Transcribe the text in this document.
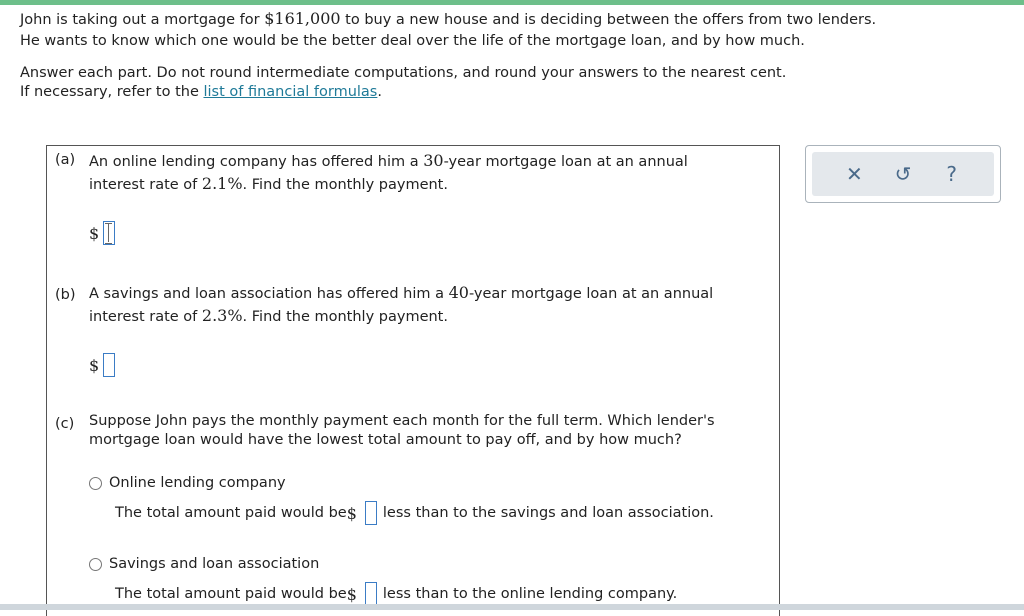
John is taking out a mortgage for $161,000 to buy a new house and is deciding between the offers from two lenders.
He wants to know which one would be the better deal over the life of the mortgage loan, and by how much.
Answer each part. Do not round intermediate computations, and round your answers to the nearest cent.
If necessary, refer to the list of financial formulas.
(a) An online lending company has offered him a 30-year mortgage loan at an annual
interest rate of 2.1%. Find the monthly payment.
$
(b) A savings and loan association has offered him a 40-year mortgage loan at an annual
interest rate of 2.3%. Find the monthly payment.
$
(c) Suppose John pays the monthly payment each month for the full term. Which lender's
mortgage loan would have the lowest total amount to pay off, and by how much?
Online lending company
The total amount paid would be $ less than to the savings and loan association.
Savings and loan association
The total amount paid would be $ less than to the online lending company.
✕ ↺	?
